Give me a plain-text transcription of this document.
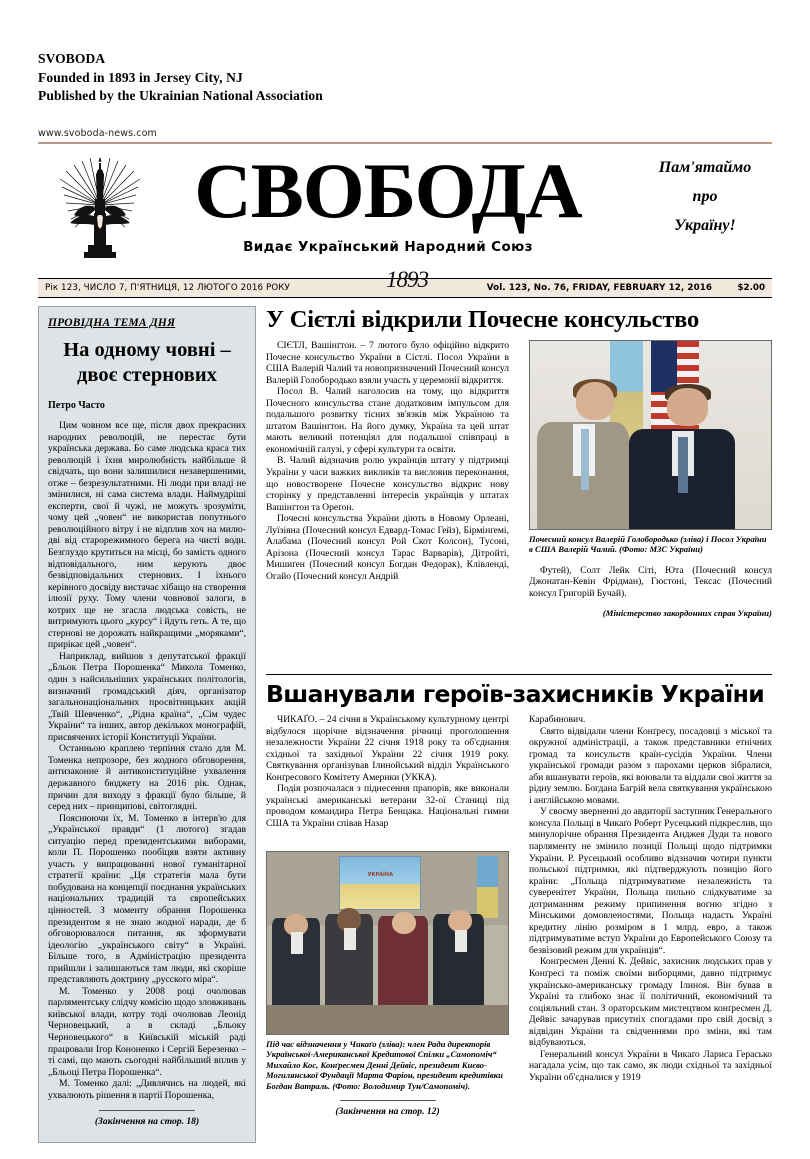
SVOBODA
Founded in 1893 in Jersey City, NJ
Published by the Ukrainian National Association
www.svoboda-news.com
СВОБОДА
Видає Український Народний Союз
Пам'ятаймо
про
Україну!
Рік 123, ЧИСЛО 7, П'ЯТНИЦЯ, 12 ЛЮТОГО 2016 РОКУ	1893	Vol. 123, No. 76, FRIDAY, FEBRUARY 12, 2016	$2.00
ПРОВІДНА ТЕМА ДНЯ
На одному човні –
двоє стернових
Петро Часто

Цим човном все ще, після двох прекрасних народних революцій, не перестає бути українська держава. Бо саме людська краса тих революцій і їхня миролюбність найбільше й свідчать, що вони залишилися незавершеними, отже – безрезультатними. Ні люди при владі не змінилися, ні сама система влади. Наймудріші експерти, свої й чужі, не можуть зрозуміти, чому цей „човен“ не використав попутнього революційного вітру і не відплив хоч на милю-дві від старорежимного берега на чисті води. Безглуздо крутиться на місці, бо замість одного відповідального, ним керують двоє безвідповідальних стернових. І їхнього керівного досвіду вистачає хібащо на створення ілюзії руху. Тому члени човнової залоги, в котрих ще не згасла людська совість, не витримують цього „курсу“ і йдуть геть. А те, що стернові не дорожать найкращими „моряками“, прирікає цей „човен“.

Наприклад, вийшов з депутатської фракції „Бльок Петра Порошенка“ Микола Томенко, один з найсильніших українських політологів, визначний громадський діяч, організатор загальнонаціональних просвітницьких акцій „Твій Шевченко“, „Рідна країна“, „Сім чудес України“ та інших, автор декількох монографій, присвячених історії Конституції України.

Останньою краплею терпіння стало для М. Томенка непрозоре, без жодного обговорення, антизаконне й антиконституційне ухвалення державного бюджету на 2016 рік. Однак, причин для виходу з фракції було більше, й серед них – принципові, світоглядні.

Пояснюючи їх, М. Томенко в інтерв'ю для „Української правди“ (1 лютого) згадав ситуацію перед президентськими виборами, коли П. Порошенко пообіцяв взяти активну участь у випрацюванні нової гуманітарної стратегії країни: „Ця стратегія мала бути побудована на концепції поєднання українських національних традицій та європейських цінностей. З моменту обрання Порошенка президентом я не знаю жодної наради, де б обговорювалося питання, як зформувати ідеологію „українського світу“ в Україні. Більше того, в Адміністрацію президента прийшли і залишаються там люди, які скоріше представляють доктрину „русского міра“.

М. Томенко у 2008 році очолював парляментську слідчу комісію щодо зловживань київської влади, котру тоді очолював Леонід Черновецький, а в складі „Бльоку Черновецького“ в Київській міській раді працювали Ігор Кононенко і Сергій Березенко – ті самі, що мають сьогодні найбільший вплив у „Бльоці Петра Порошенка“.

М. Томенко далі: „Дивлячись на людей, які ухвалюють рішення в партії Порошенка,

(Закінчення на стор. 18)
У Сієтлі відкрили Почесне консульство

СІЄТЛ, Вашінґтон. – 7 лютого було офіційно відкрито Почесне консульство України в Сієтлі. Посол України в США Валерій Чалий та новопризначений Почесний консул Валерій Голобородько взяли участь у церемонії відкриття.

Посол В. Чалий наголосив на тому, що відкриття Почесного консульства стане додатковим імпульсом для подальшого розвитку тісних зв'язків між Україною та штатом Вашінґтон. На його думку, Україна та цей штат мають великий потенціял для подальшої співпраці в економічній галузі, у сфері культури та освіти.

В. Чалий відзначив ролю українців штату у підтримці України у часи важких викликів та висловив переконання, що новостворене Почесне консульство відкриє нову сторінку у представленні інтересів українців у штатах Вашінґтон та Ореґон.

Почесні консульства України діють в Новому Орлеані, Луїзіяна (Почесний консул Едвард-Томас Гейз), Бірмінґемі, Алабама (Почесний консул Рой Скот Колсон), Тусоні, Арізона (Почесний консул Тарас Варварів), Дітройті, Мишиґен (Почесний консул Богдан Федорак), Клівленді, Огайо (Почесний консул Андрій

Почесний консул Валерій Голобородько (зліва) і Посол України в США Валерій Чалий. (Фото: МЗС України)

Футей), Солт Лейк Сіті, Юта (Почесний консул Джонатан-Кевін Фрідман), Гюстоні, Тексас (Почесний консул Григорій Бучай).

(Міністерство закордонних справ України)
Вшанували героїв-захисників України

ЧИКАҐО. – 24 січня в Українському культурному центрі відбулося щорічне відзначення річниці проголошення незалежности України 22 січня 1918 року та об'єднання східньої та західньої України 22 січня 1919 року. Святкування організував Ілинойський відділ Українського Конґресового Комітету Америки (УККА).

Подія розпочалася з піднесення прапорів, яке виконали українські американські ветерани 32-ої Станиці під проводом командира Петра Бенцака. Національні гимни США та України співав Назар

УКРАЇНА
Під час відзначення у Чикаґо (зліва): член Ради директорів Української-Американської Кредитової Спілки „Самопоміч“ Михайло Кос, Конґресмен Денні Дейвіс, президент Києво-Могилянської Фундації Марта Фаріон, президент кредитівки Богдан Ватраль. (Фото: Володимир Тун/Самопоміч).
(Закінчення на стор. 12)

Карабинович.

Свято відвідали члени Конґресу, посадовці з міської та окружної адміністрації, а також представники етнічних громад та консульств країн-сусідів України. Члени української громади разом з парохами церков зібралися, аби вшанувати героїв, які воювали та віддали свої життя за рідну землю. Богдана Багрій вела святкування українською і англійською мовами.

У своєму зверненні до авдиторії заступник Генерального консула Польщі в Чикаґо Роберт Русецький підкреслив, що минулорічне обрання Президента Анджея Дуди та нового парляменту не змінило позиції Польщі щодо підтримки України. Р. Русецький особливо відзначив чотири пункти польської підтримки, які підтверджують позицію його країни: „Польща підтримуватиме незалежність та суверенітет України, Польща пильно слідкуватиме за дотриманням режиму припинення вогню згідно з Мінськими домовленостями, Польща надасть Україні кредитну лінію розміром в 1 млрд. евро, а також підтримуватиме вступ України до Европейського Союзу та безвізовий режим для українців“.

Конґресмен Денні К. Дейвіс, захисник людських прав у Конґресі та поміж своїми виборцями, давно підтримує українсько-американську громаду Ілиноя. Він бував в Україні та глибоко знає її політичний, економічний та соціяльний стан. З ораторським мистецтвом конґресмен Д. Дейвіс зачарував присутніх спогадами про свій досвід з відвідин України та свідченнями про зміни, які там відбуваються.

Генеральний консул України в Чикаґо Лариса Герасько нагадала усім, що так само, як люди східньої та західньої України об'єдналися у 1919
